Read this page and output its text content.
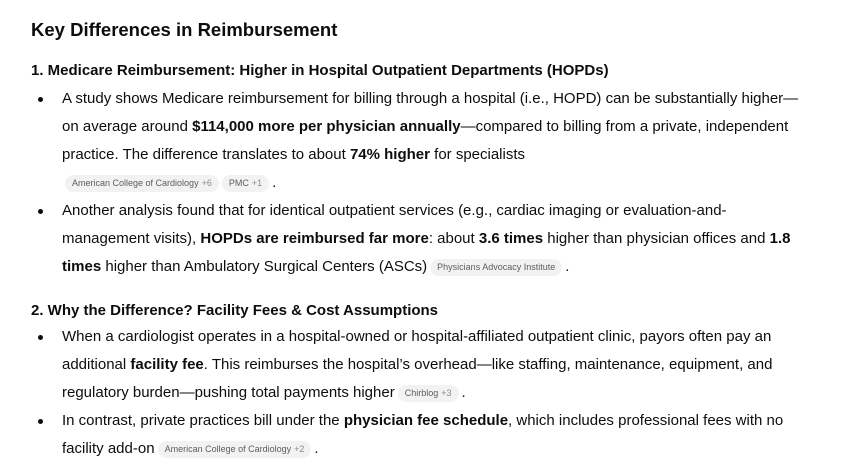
Key Differences in Reimbursement
1. Medicare Reimbursement: Higher in Hospital Outpatient Departments (HOPDs)
A study shows Medicare reimbursement for billing through a hospital (i.e., HOPD) can be substantially higher—on average around $114,000 more per physician annually—compared to billing from a private, independent practice. The difference translates to about 74% higher for specialists
American College of Cardiology +6 PMC +1 .
Another analysis found that for identical outpatient services (e.g., cardiac imaging or evaluation-and-management visits), HOPDs are reimbursed far more: about 3.6 times higher than physician offices and 1.8 times higher than Ambulatory Surgical Centers (ASCs) Physicians Advocacy Institute .
2. Why the Difference? Facility Fees & Cost Assumptions
When a cardiologist operates in a hospital-owned or hospital-affiliated outpatient clinic, payors often pay an additional facility fee. This reimburses the hospital’s overhead—like staffing, maintenance, equipment, and regulatory burden—pushing total payments higher Chirblog +3 .
In contrast, private practices bill under the physician fee schedule, which includes professional fees with no facility add-on American College of Cardiology +2 .
